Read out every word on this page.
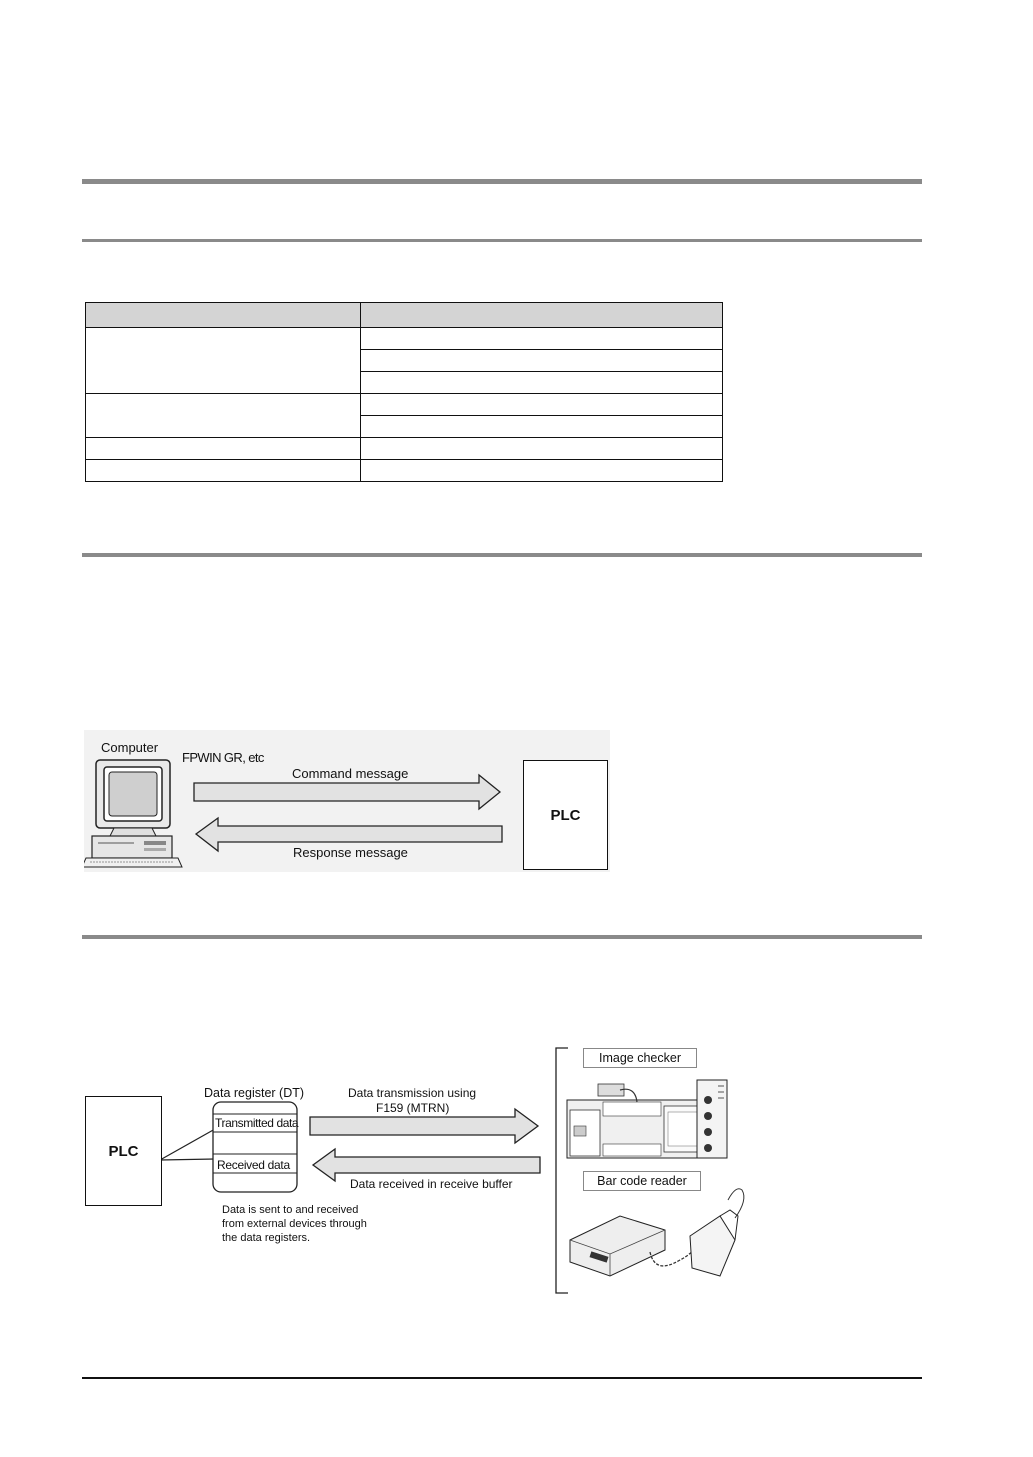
Computer
FPWIN GR, etc
Command message
Response message
PLC
PLC
Data register (DT)
Transmitted data
Received data
Data transmission using
F159 (MTRN)
Data received in receive buffer
Data is sent to and received
from external devices through
the data registers.
Image checker
Bar code reader
